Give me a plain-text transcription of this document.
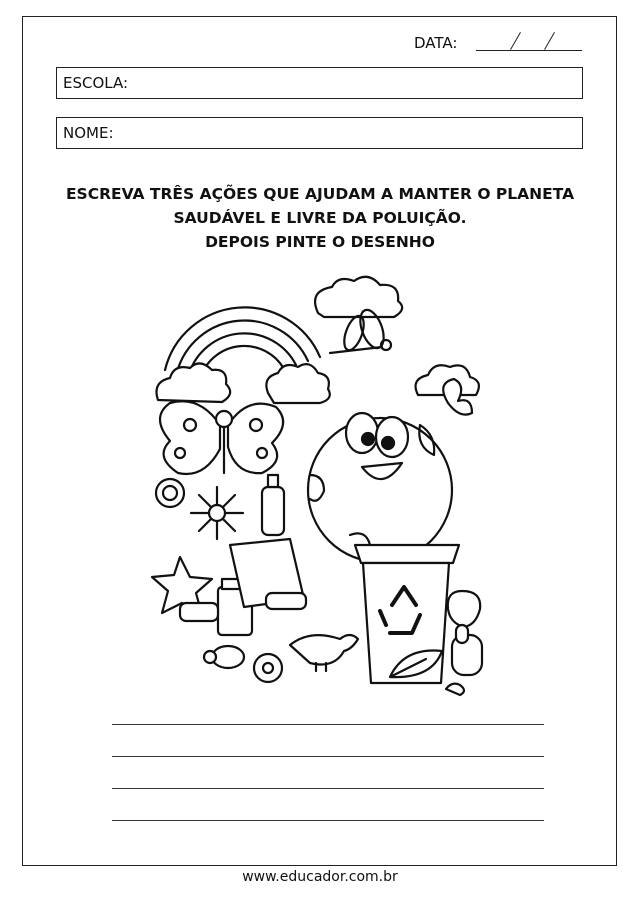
DATA:
ESCOLA:
NOME:
ESCREVA TRÊS AÇÕES QUE AJUDAM A MANTER O PLANETA
SAUDÁVEL E LIVRE DA POLUIÇÃO.
DEPOIS PINTE O DESENHO
www.educador.com.br
